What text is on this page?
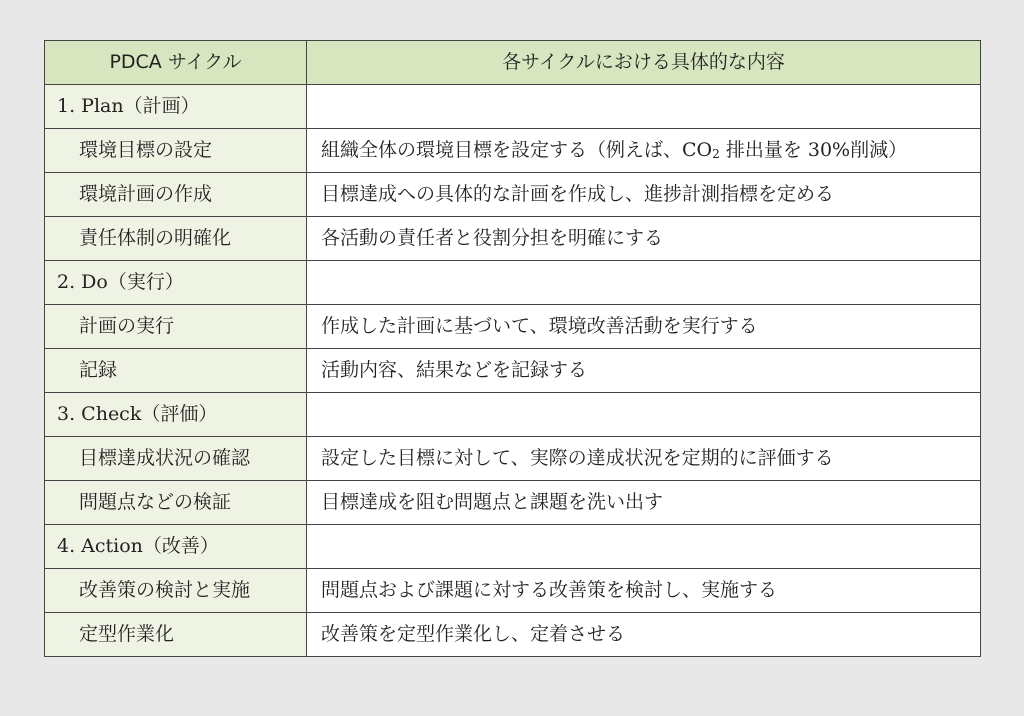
PDCA サイクル	各サイクルにおける具体的な内容
1. Plan（計画）	
環境目標の設定	組織全体の環境目標を設定する（例えば、$CO_2$ 排出量を 30%削減）
環境計画の作成	目標達成への具体的な計画を作成し、進捗計測指標を定める
責任体制の明確化	各活動の責任者と役割分担を明確にする
2. Do（実行）	
計画の実行	作成した計画に基づいて、環境改善活動を実行する
記録	活動内容、結果などを記録する
3. Check（評価）	
目標達成状況の確認	設定した目標に対して、実際の達成状況を定期的に評価する
問題点などの検証	目標達成を阻む問題点と課題を洗い出す
4. Action（改善）	
改善策の検討と実施	問題点および課題に対する改善策を検討し、実施する
定型作業化	改善策を定型作業化し、定着させる
